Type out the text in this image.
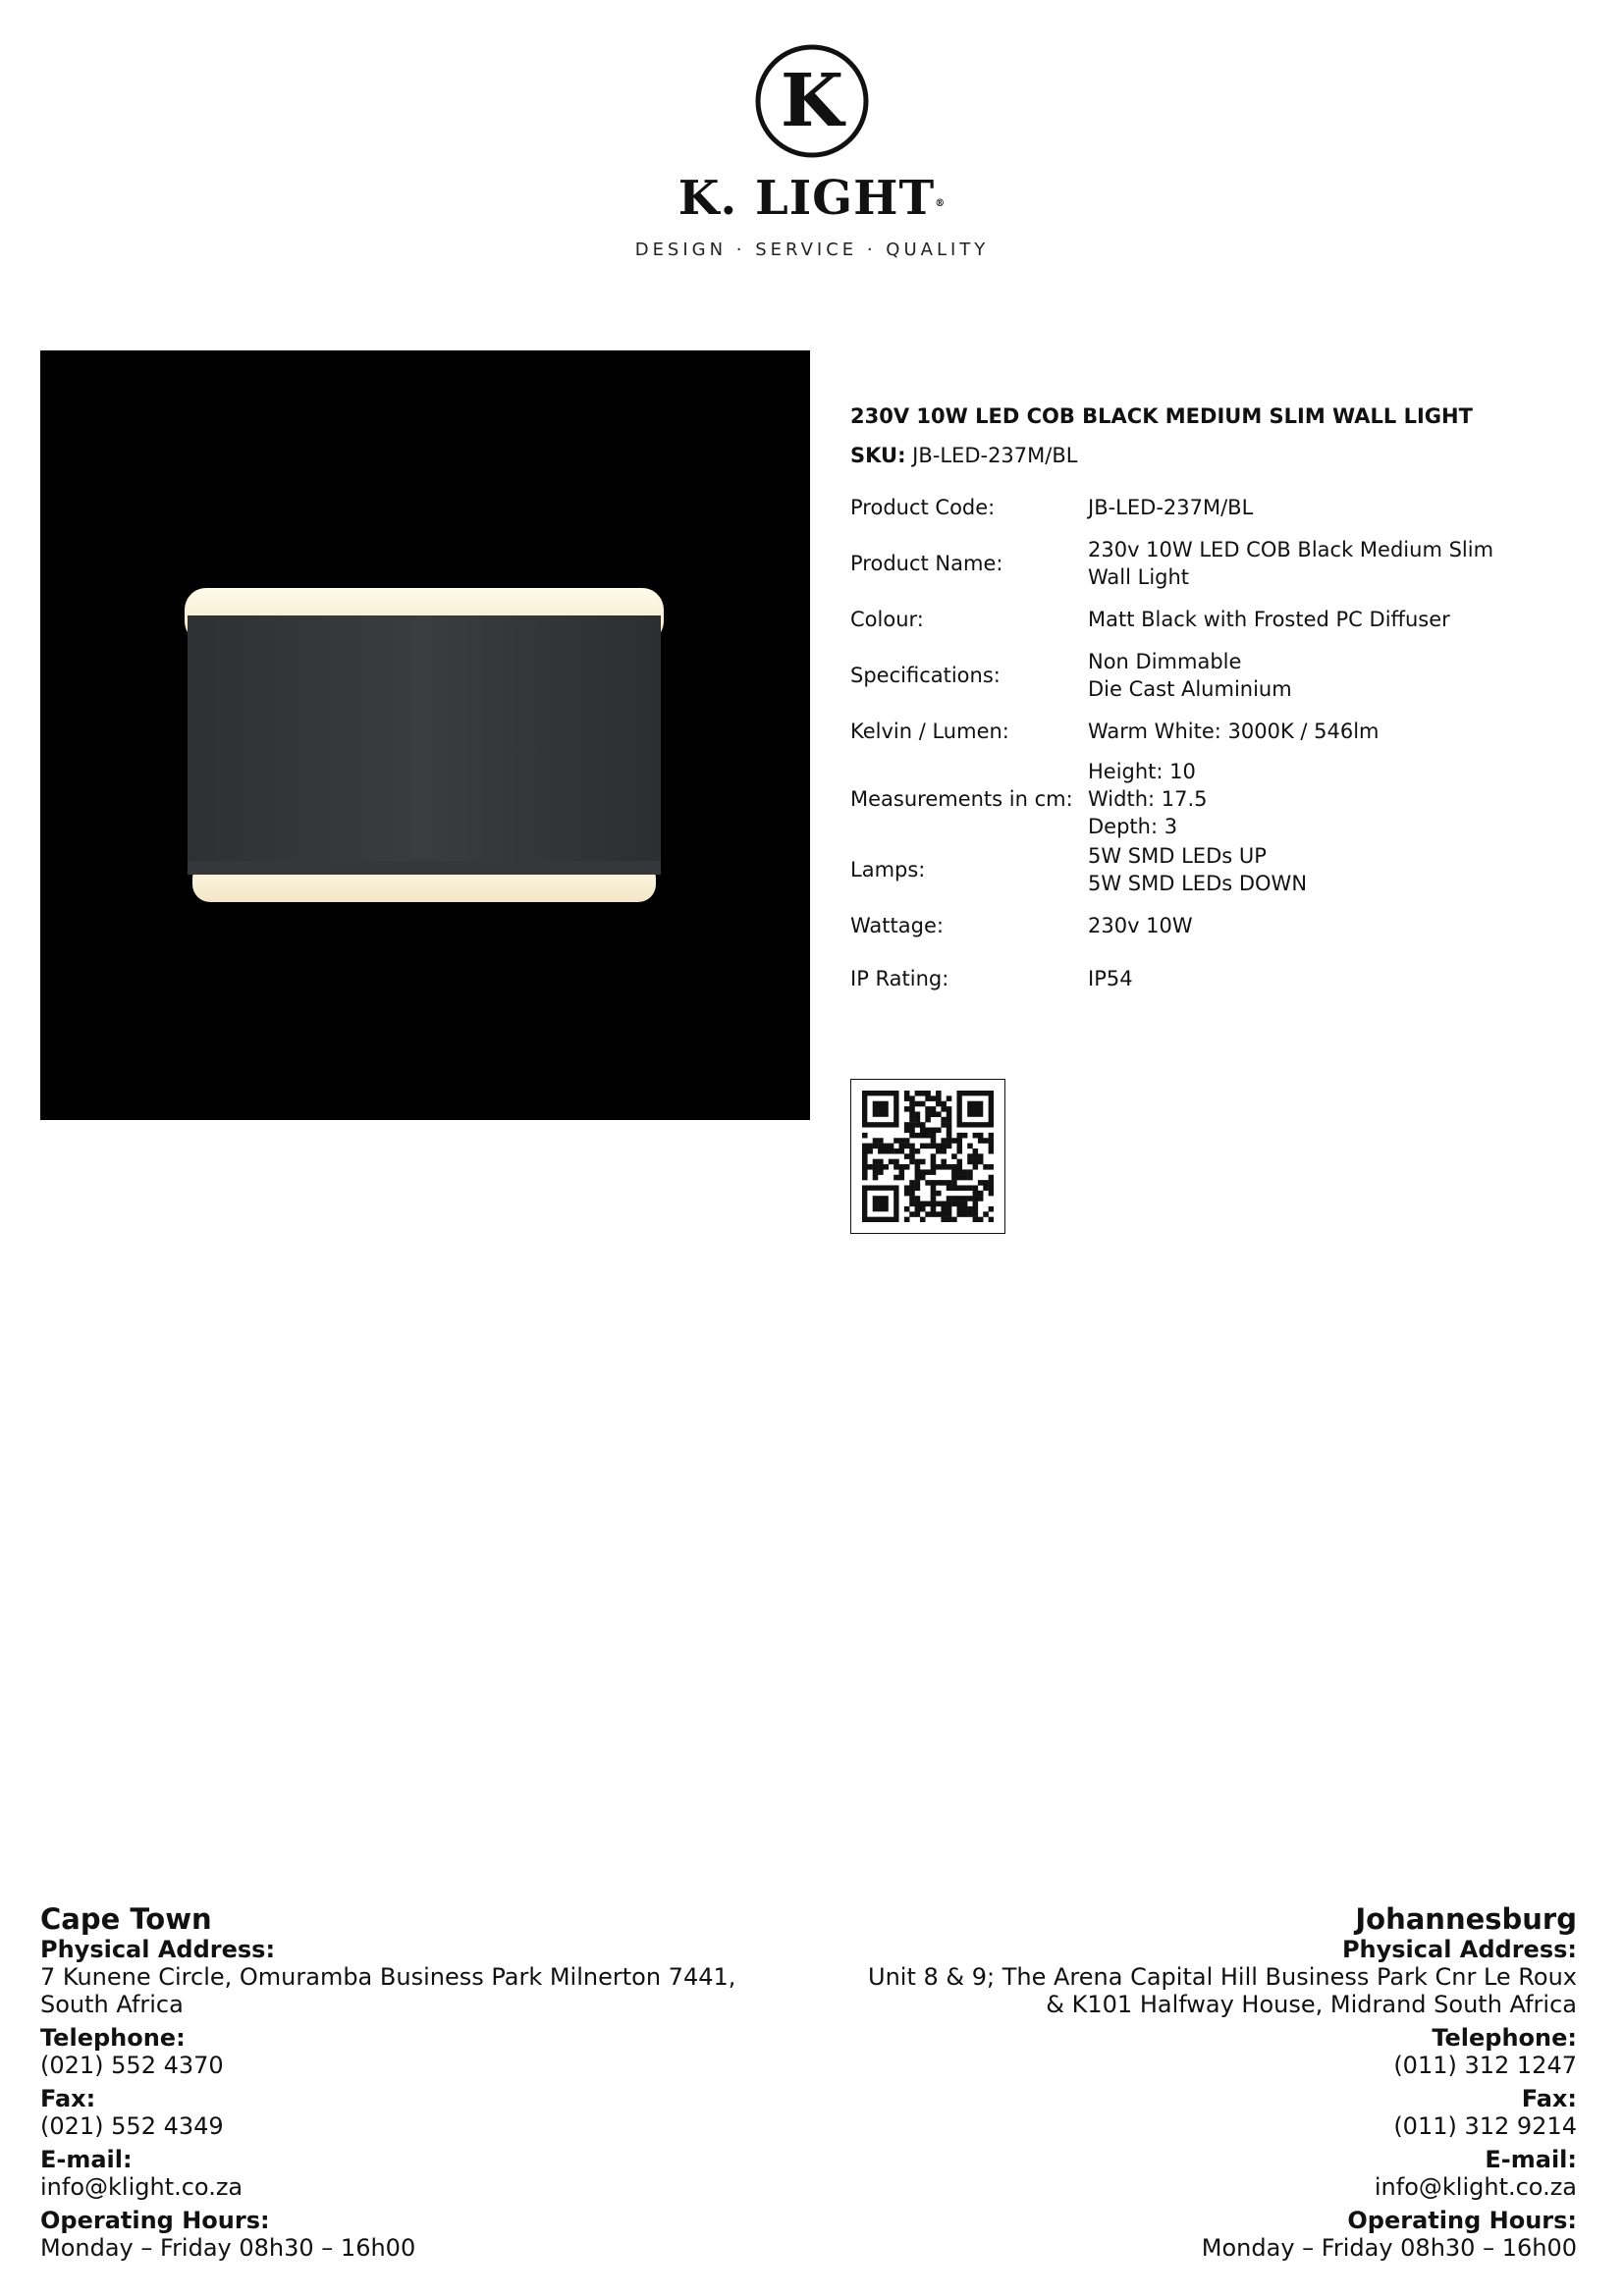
K
K. LIGHT®
DESIGN · SERVICE · QUALITY
230V 10W LED COB BLACK MEDIUM SLIM WALL LIGHT
SKU: JB-LED-237M/BL
Product Code:	JB-LED-237M/BL
Product Name:
230v 10W LED COB Black Medium Slim
Wall Light
Colour:	Matt Black with Frosted PC Diffuser
Specifications:
Non Dimmable
Die Cast Aluminium
Kelvin / Lumen:	Warm White: 3000K / 546lm
Measurements in cm:
Height: 10
Width: 17.5
Depth: 3
Lamps:
5W SMD LEDs UP
5W SMD LEDs DOWN
Wattage:	230v 10W
IP Rating:	IP54
Cape Town
Physical Address:
7 Kunene Circle, Omuramba Business Park Milnerton 7441,
South Africa
Telephone:
(021) 552 4370
Fax:
(021) 552 4349
E-mail:
info@klight.co.za
Operating Hours:
Monday – Friday 08h30 – 16h00
Johannesburg
Physical Address:
Unit 8 & 9; The Arena Capital Hill Business Park Cnr Le Roux
& K101 Halfway House, Midrand South Africa
Telephone:
(011) 312 1247
Fax:
(011) 312 9214
E-mail:
info@klight.co.za
Operating Hours:
Monday – Friday 08h30 – 16h00
